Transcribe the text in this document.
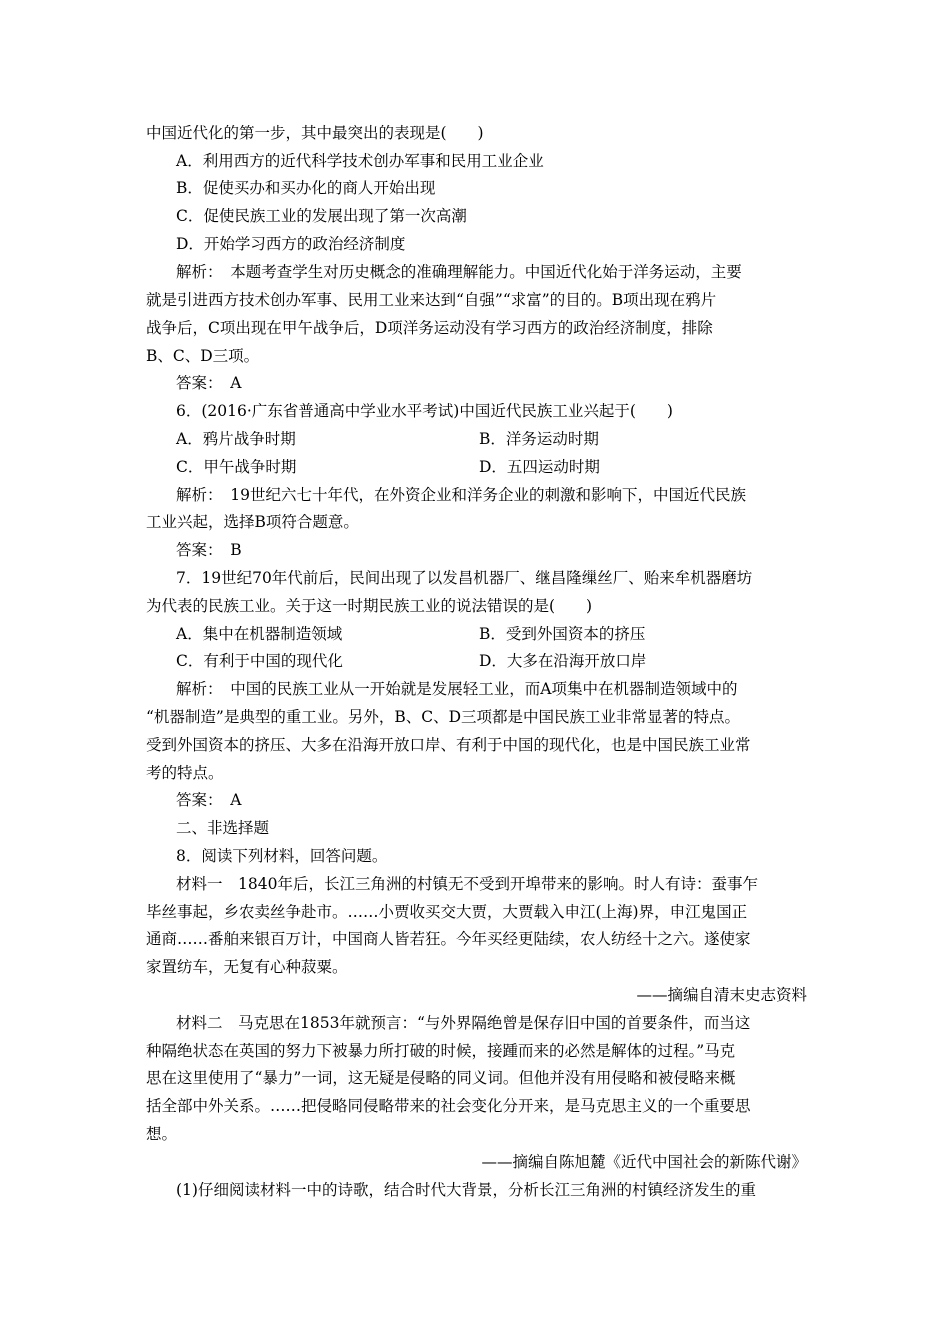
中国近代化的第一步，其中最突出的表现是(　　)
A．利用西方的近代科学技术创办军事和民用工业企业
B．促使买办和买办化的商人开始出现
C．促使民族工业的发展出现了第一次高潮
D．开始学习西方的政治经济制度
解析：　本题考查学生对历史概念的准确理解能力。中国近代化始于洋务运动，主要
就是引进西方技术创办军事、民用工业来达到“自强”“求富”的目的。B项出现在鸦片
战争后，C项出现在甲午战争后，D项洋务运动没有学习西方的政治经济制度，排除
B、C、D三项。
答案：　A
6．(2016·广东省普通高中学业水平考试)中国近代民族工业兴起于(　　)
A．鸦片战争时期	B．洋务运动时期
C．甲午战争时期	D．五四运动时期
解析：　19世纪六七十年代，在外资企业和洋务企业的刺激和影响下，中国近代民族
工业兴起，选择B项符合题意。
答案：　B
7．19世纪70年代前后，民间出现了以发昌机器厂、继昌隆缫丝厂、贻来牟机器磨坊
为代表的民族工业。关于这一时期民族工业的说法错误的是(　　)
A．集中在机器制造领域	B．受到外国资本的挤压
C．有利于中国的现代化	D．大多在沿海开放口岸
解析：　中国的民族工业从一开始就是发展轻工业，而A项集中在机器制造领域中的
“机器制造”是典型的重工业。另外，B、C、D三项都是中国民族工业非常显著的特点。
受到外国资本的挤压、大多在沿海开放口岸、有利于中国的现代化，也是中国民族工业常
考的特点。
答案：　A
二、非选择题
8．阅读下列材料，回答问题。
材料一　1840年后，长江三角洲的村镇无不受到开埠带来的影响。时人有诗：蚕事乍
毕丝事起，乡农卖丝争赴市。……小贾收买交大贾，大贾载入申江(上海)界，申江鬼国正
通商……番舶来银百万计，中国商人皆若狂。今年买经更陆续，农人纺经十之六。遂使家
家置纺车，无复有心种菽粟。
——摘编自清末史志资料
材料二　马克思在1853年就预言：“与外界隔绝曾是保存旧中国的首要条件，而当这
种隔绝状态在英国的努力下被暴力所打破的时候，接踵而来的必然是解体的过程。”马克
思在这里使用了“暴力”一词，这无疑是侵略的同义词。但他并没有用侵略和被侵略来概
括全部中外关系。……把侵略同侵略带来的社会变化分开来，是马克思主义的一个重要思
想。
——摘编自陈旭麓《近代中国社会的新陈代谢》
(1)仔细阅读材料一中的诗歌，结合时代大背景，分析长江三角洲的村镇经济发生的重
